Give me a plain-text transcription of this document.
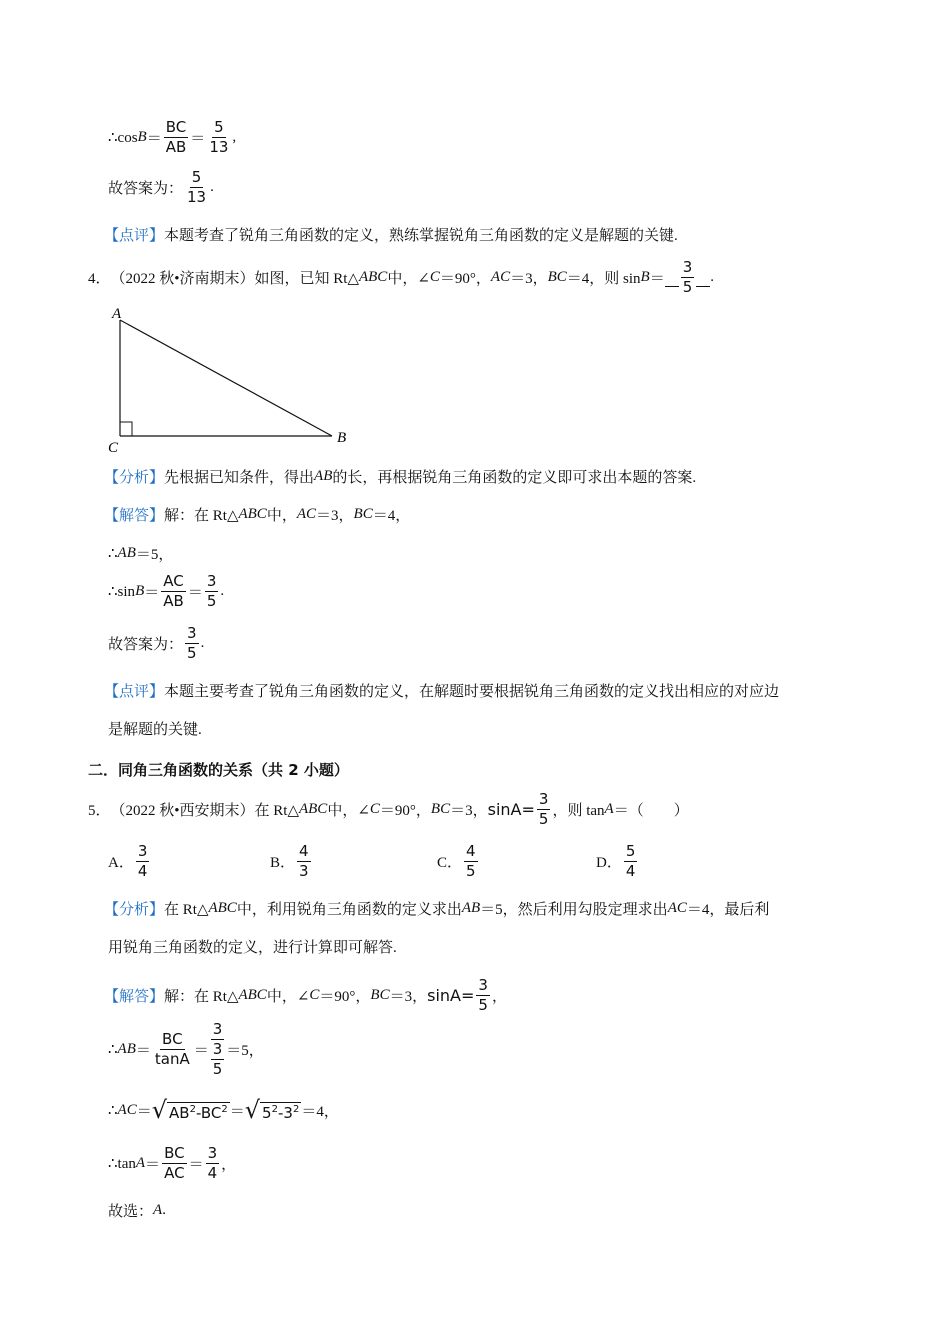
∴cos $B = \frac{BC}{AB} = \frac{5}{13}$ ,
故答案为： $\frac{5}{13}$ .
【点评】 本题考查了锐角三角函数的定义，熟练掌握锐角三角函数的定义是解题的关键.
4． （2022 秋•济南期末）如图，已知 Rt△ ABC 中，∠ C ＝90°， AC ＝3， BC ＝4，则 $\sin B = \frac{3}{5}$ .
A
C
B
【分析】 先根据已知条件，得出 AB 的长，再根据锐角三角函数的定义即可求出本题的答案.
【解答】 解：在 Rt△ ABC 中， AC ＝3， BC ＝4，
∴ AB ＝5，
∴sin $B = \frac{AC}{AB} = \frac{3}{5}$ .
故答案为： $\frac{3}{5}$ .
【点评】 本题主要考查了锐角三角函数的定义，在解题时要根据锐角三角函数的定义找出相应的对应边
是解题的关键.
二．同角三角函数的关系（共 2 小题）
5． （2022 秋•西安期末）在 Rt△ ABC 中，∠ C ＝90°， BC ＝3， $\sin A = \frac{3}{5}$ ，则 tan A ＝（　　）
A． $\frac{3}{4}$	B． $\frac{4}{3}$	C． $\frac{4}{5}$	D． $\frac{5}{4}$
【分析】 在 Rt△ ABC 中，利用锐角三角函数的定义求出 AB ＝5，然后利用勾股定理求出 AC ＝4，最后利
用锐角三角函数的定义，进行计算即可解答.
【解答】 解：在 Rt△ ABC 中，∠ C ＝90°， BC ＝3， $\sin A = \frac{3}{5}$ ，
∴ AB ＝ $\frac{BC}{\tan A} = \frac{3}{\frac{3}{5}} =5$，
∴ AC ＝ √ $AB^2-BC^2$ ＝ √ $5^2-3^2 =4$，
∴tan $A = \frac{BC}{AC} = \frac{3}{4}$ ，
故选： A .
